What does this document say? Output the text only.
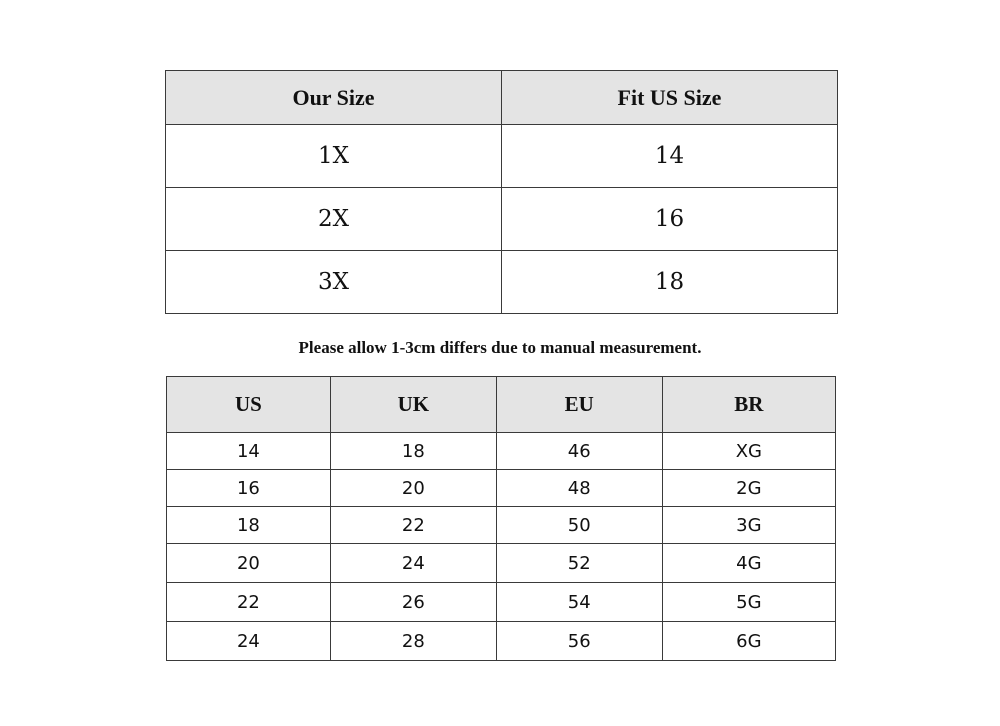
Our Size	Fit US Size
1X	14
2X	16
3X	18
Please allow 1-3cm differs due to manual measurement.
US	UK	EU	BR
14	18	46	XG
16	20	48	2G
18	22	50	3G
20	24	52	4G
22	26	54	5G
24	28	56	6G
